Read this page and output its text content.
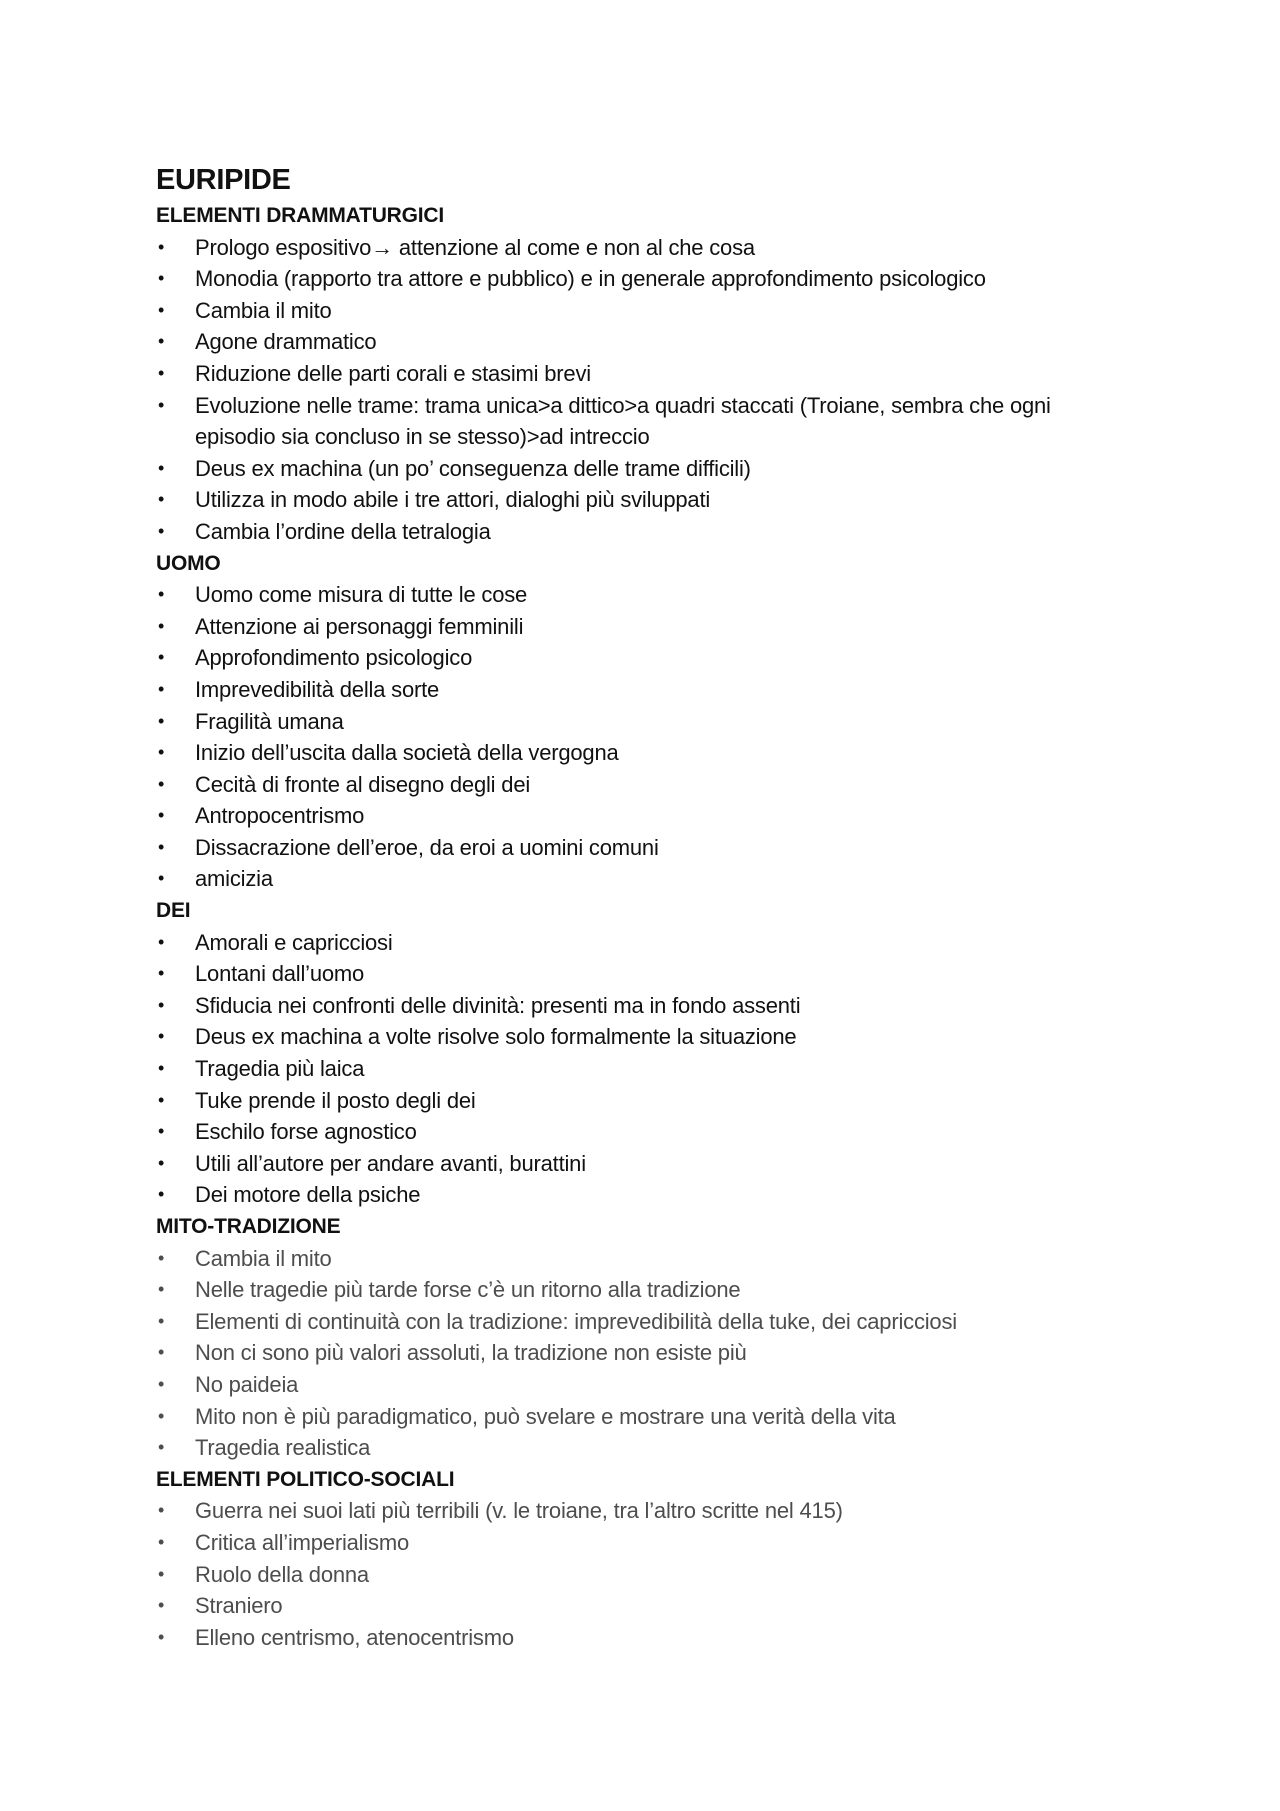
EURIPIDE
ELEMENTI DRAMMATURGICI
•	Prologo espositivo→ attenzione al come e non al che cosa
•	Monodia (rapporto tra attore e pubblico) e in generale approfondimento psicologico
•	Cambia il mito
•	Agone drammatico
•	Riduzione delle parti corali e stasimi brevi
•	Evoluzione nelle trame: trama unica>a dittico>a quadri staccati (Troiane, sembra che ogni episodio sia concluso in se stesso)>ad intreccio
•	Deus ex machina (un po’ conseguenza delle trame difficili)
•	Utilizza in modo abile i tre attori, dialoghi più sviluppati
•	Cambia l’ordine della tetralogia
UOMO
•	Uomo come misura di tutte le cose
•	Attenzione ai personaggi femminili
•	Approfondimento psicologico
•	Imprevedibilità della sorte
•	Fragilità umana
•	Inizio dell’uscita dalla società della vergogna
•	Cecità di fronte al disegno degli dei
•	Antropocentrismo
•	Dissacrazione dell’eroe, da eroi a uomini comuni
•	amicizia
DEI
•	Amorali e capricciosi
•	Lontani dall’uomo
•	Sfiducia nei confronti delle divinità: presenti ma in fondo assenti
•	Deus ex machina a volte risolve solo formalmente la situazione
•	Tragedia più laica
•	Tuke prende il posto degli dei
•	Eschilo forse agnostico
•	Utili all’autore per andare avanti, burattini
•	Dei motore della psiche
MITO-TRADIZIONE
•	Cambia il mito
•	Nelle tragedie più tarde forse c’è un ritorno alla tradizione
•	Elementi di continuità con la tradizione: imprevedibilità della tuke, dei capricciosi
•	Non ci sono più valori assoluti, la tradizione non esiste più
•	No paideia
•	Mito non è più paradigmatico, può svelare e mostrare una verità della vita
•	Tragedia realistica
ELEMENTI POLITICO-SOCIALI
•	Guerra nei suoi lati più terribili (v. le troiane, tra l’altro scritte nel 415)
•	Critica all’imperialismo
•	Ruolo della donna
•	Straniero
•	Elleno centrismo, atenocentrismo
